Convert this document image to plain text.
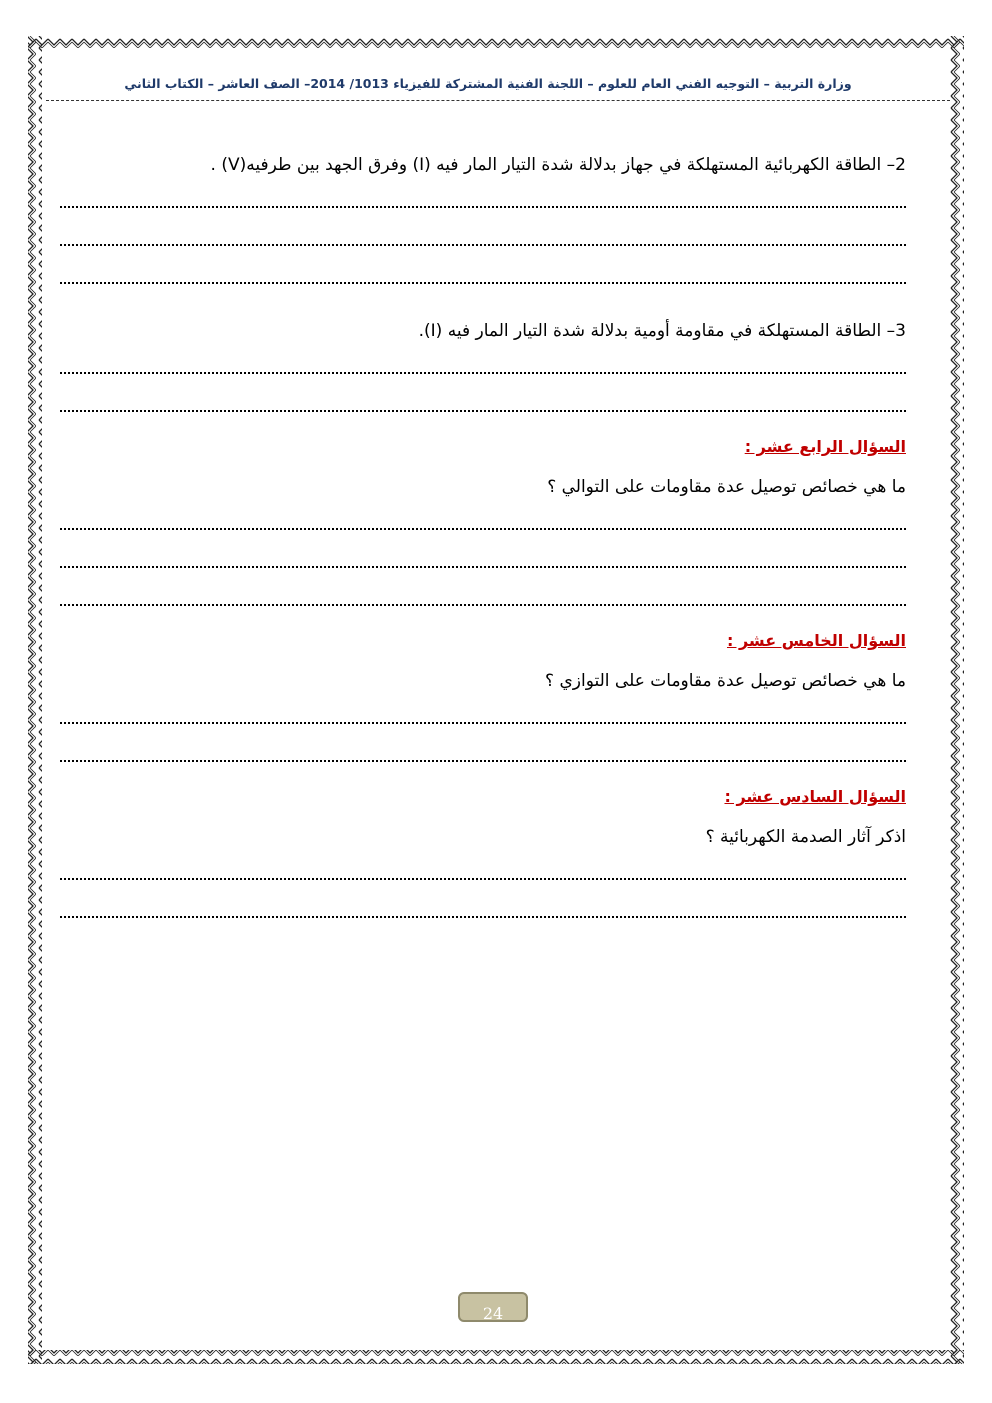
وزارة التربية – التوجيه الفني العام للعلوم – اللجنة الفنية المشتركة للفيزياء 1013/ 2014– الصف العاشر – الكتاب الثاني
2– الطاقة الكهربائية المستهلكة في جهاز بدلالة شدة التيار المار فيه (I) وفرق الجهد بين طرفيه(V) .
3– الطاقة المستهلكة في مقاومة أومية بدلالة شدة التيار المار فيه (I).
السؤال الرابع عشر :
ما هي خصائص توصيل عدة مقاومات على التوالي ؟
السؤال الخامس عشر :
ما هي خصائص توصيل عدة مقاومات على التوازي ؟
السؤال السادس عشر :
اذكر آثار الصدمة الكهربائية ؟
24
